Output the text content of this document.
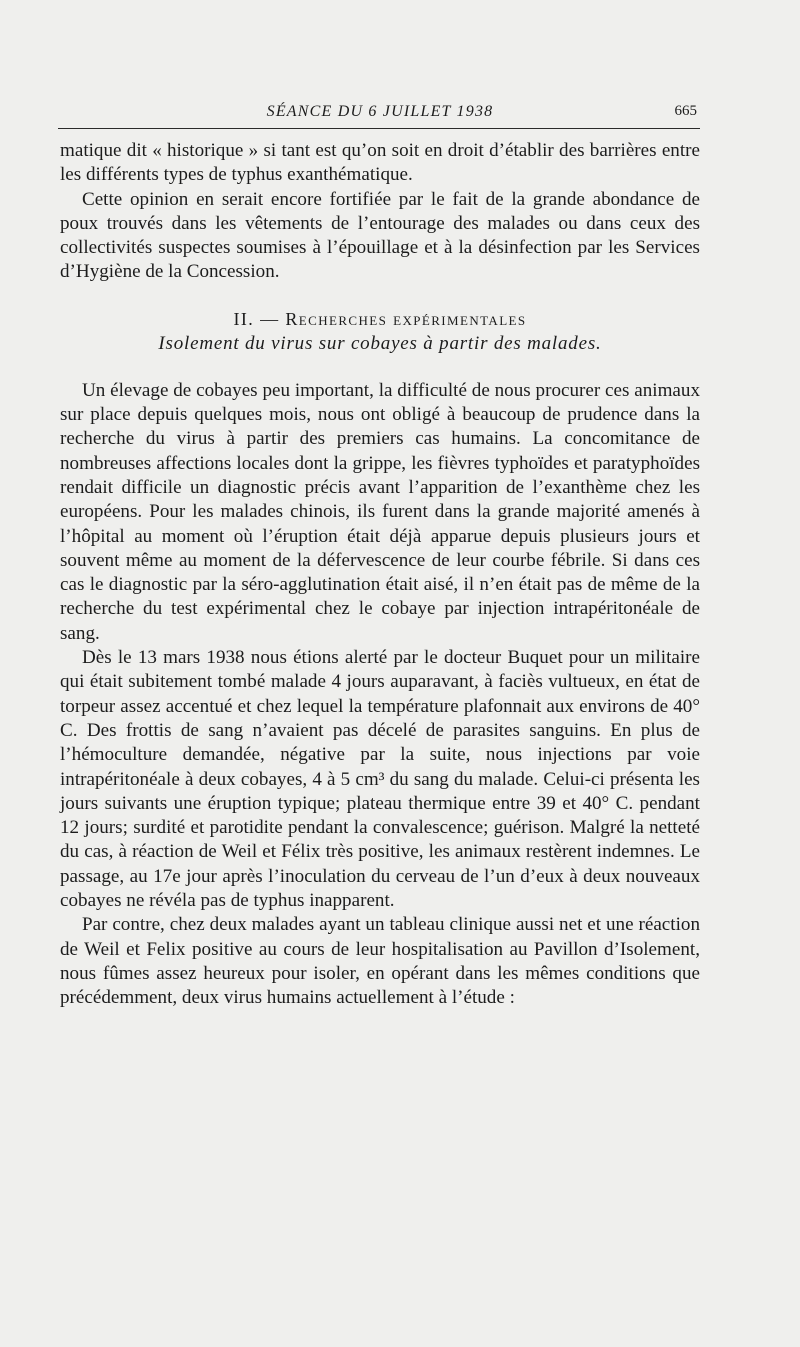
SÉANCE DU 6 JUILLET 1938	665

matique dit « historique » si tant est qu’on soit en droit d’établir des barrières entre les différents types de typhus exanthématique.

Cette opinion en serait encore fortifiée par le fait de la grande abondance de poux trouvés dans les vêtements de l’entourage des malades ou dans ceux des collectivités suspectes soumises à l’épouillage et à la désinfection par les Services d’Hygiène de la Concession.

II. — Recherches expérimentales

Isolement du virus sur cobayes à partir des malades.

Un élevage de cobayes peu important, la difficulté de nous procurer ces animaux sur place depuis quelques mois, nous ont obligé à beaucoup de prudence dans la recherche du virus à partir des premiers cas humains. La concomitance de nombreuses affections locales dont la grippe, les fièvres typhoïdes et paratyphoïdes rendait difficile un diagnostic précis avant l’apparition de l’exanthème chez les européens. Pour les malades chinois, ils furent dans la grande majorité amenés à l’hôpital au moment où l’éruption était déjà apparue depuis plusieurs jours et souvent même au moment de la défervescence de leur courbe fébrile. Si dans ces cas le diagnostic par la séro-agglutination était aisé, il n’en était pas de même de la recherche du test expérimental chez le cobaye par injection intrapéritonéale de sang.

Dès le 13 mars 1938 nous étions alerté par le docteur Buquet pour un militaire qui était subitement tombé malade 4 jours auparavant, à faciès vultueux, en état de torpeur assez accentué et chez lequel la température plafonnait aux environs de 40° C. Des frottis de sang n’avaient pas décelé de parasites sanguins. En plus de l’hémoculture demandée, négative par la suite, nous injections par voie intrapéritonéale à deux cobayes, 4 à 5 cm³ du sang du malade. Celui-ci présenta les jours suivants une éruption typique; plateau thermique entre 39 et 40° C. pendant 12 jours; surdité et parotidite pendant la convalescence; guérison. Malgré la netteté du cas, à réaction de Weil et Félix très positive, les animaux restèrent indemnes. Le passage, au 17e jour après l’inoculation du cerveau de l’un d’eux à deux nouveaux cobayes ne révéla pas de typhus inapparent.

Par contre, chez deux malades ayant un tableau clinique aussi net et une réaction de Weil et Felix positive au cours de leur hospitalisation au Pavillon d’Isolement, nous fûmes assez heureux pour isoler, en opérant dans les mêmes conditions que précédemment, deux virus humains actuellement à l’étude :
